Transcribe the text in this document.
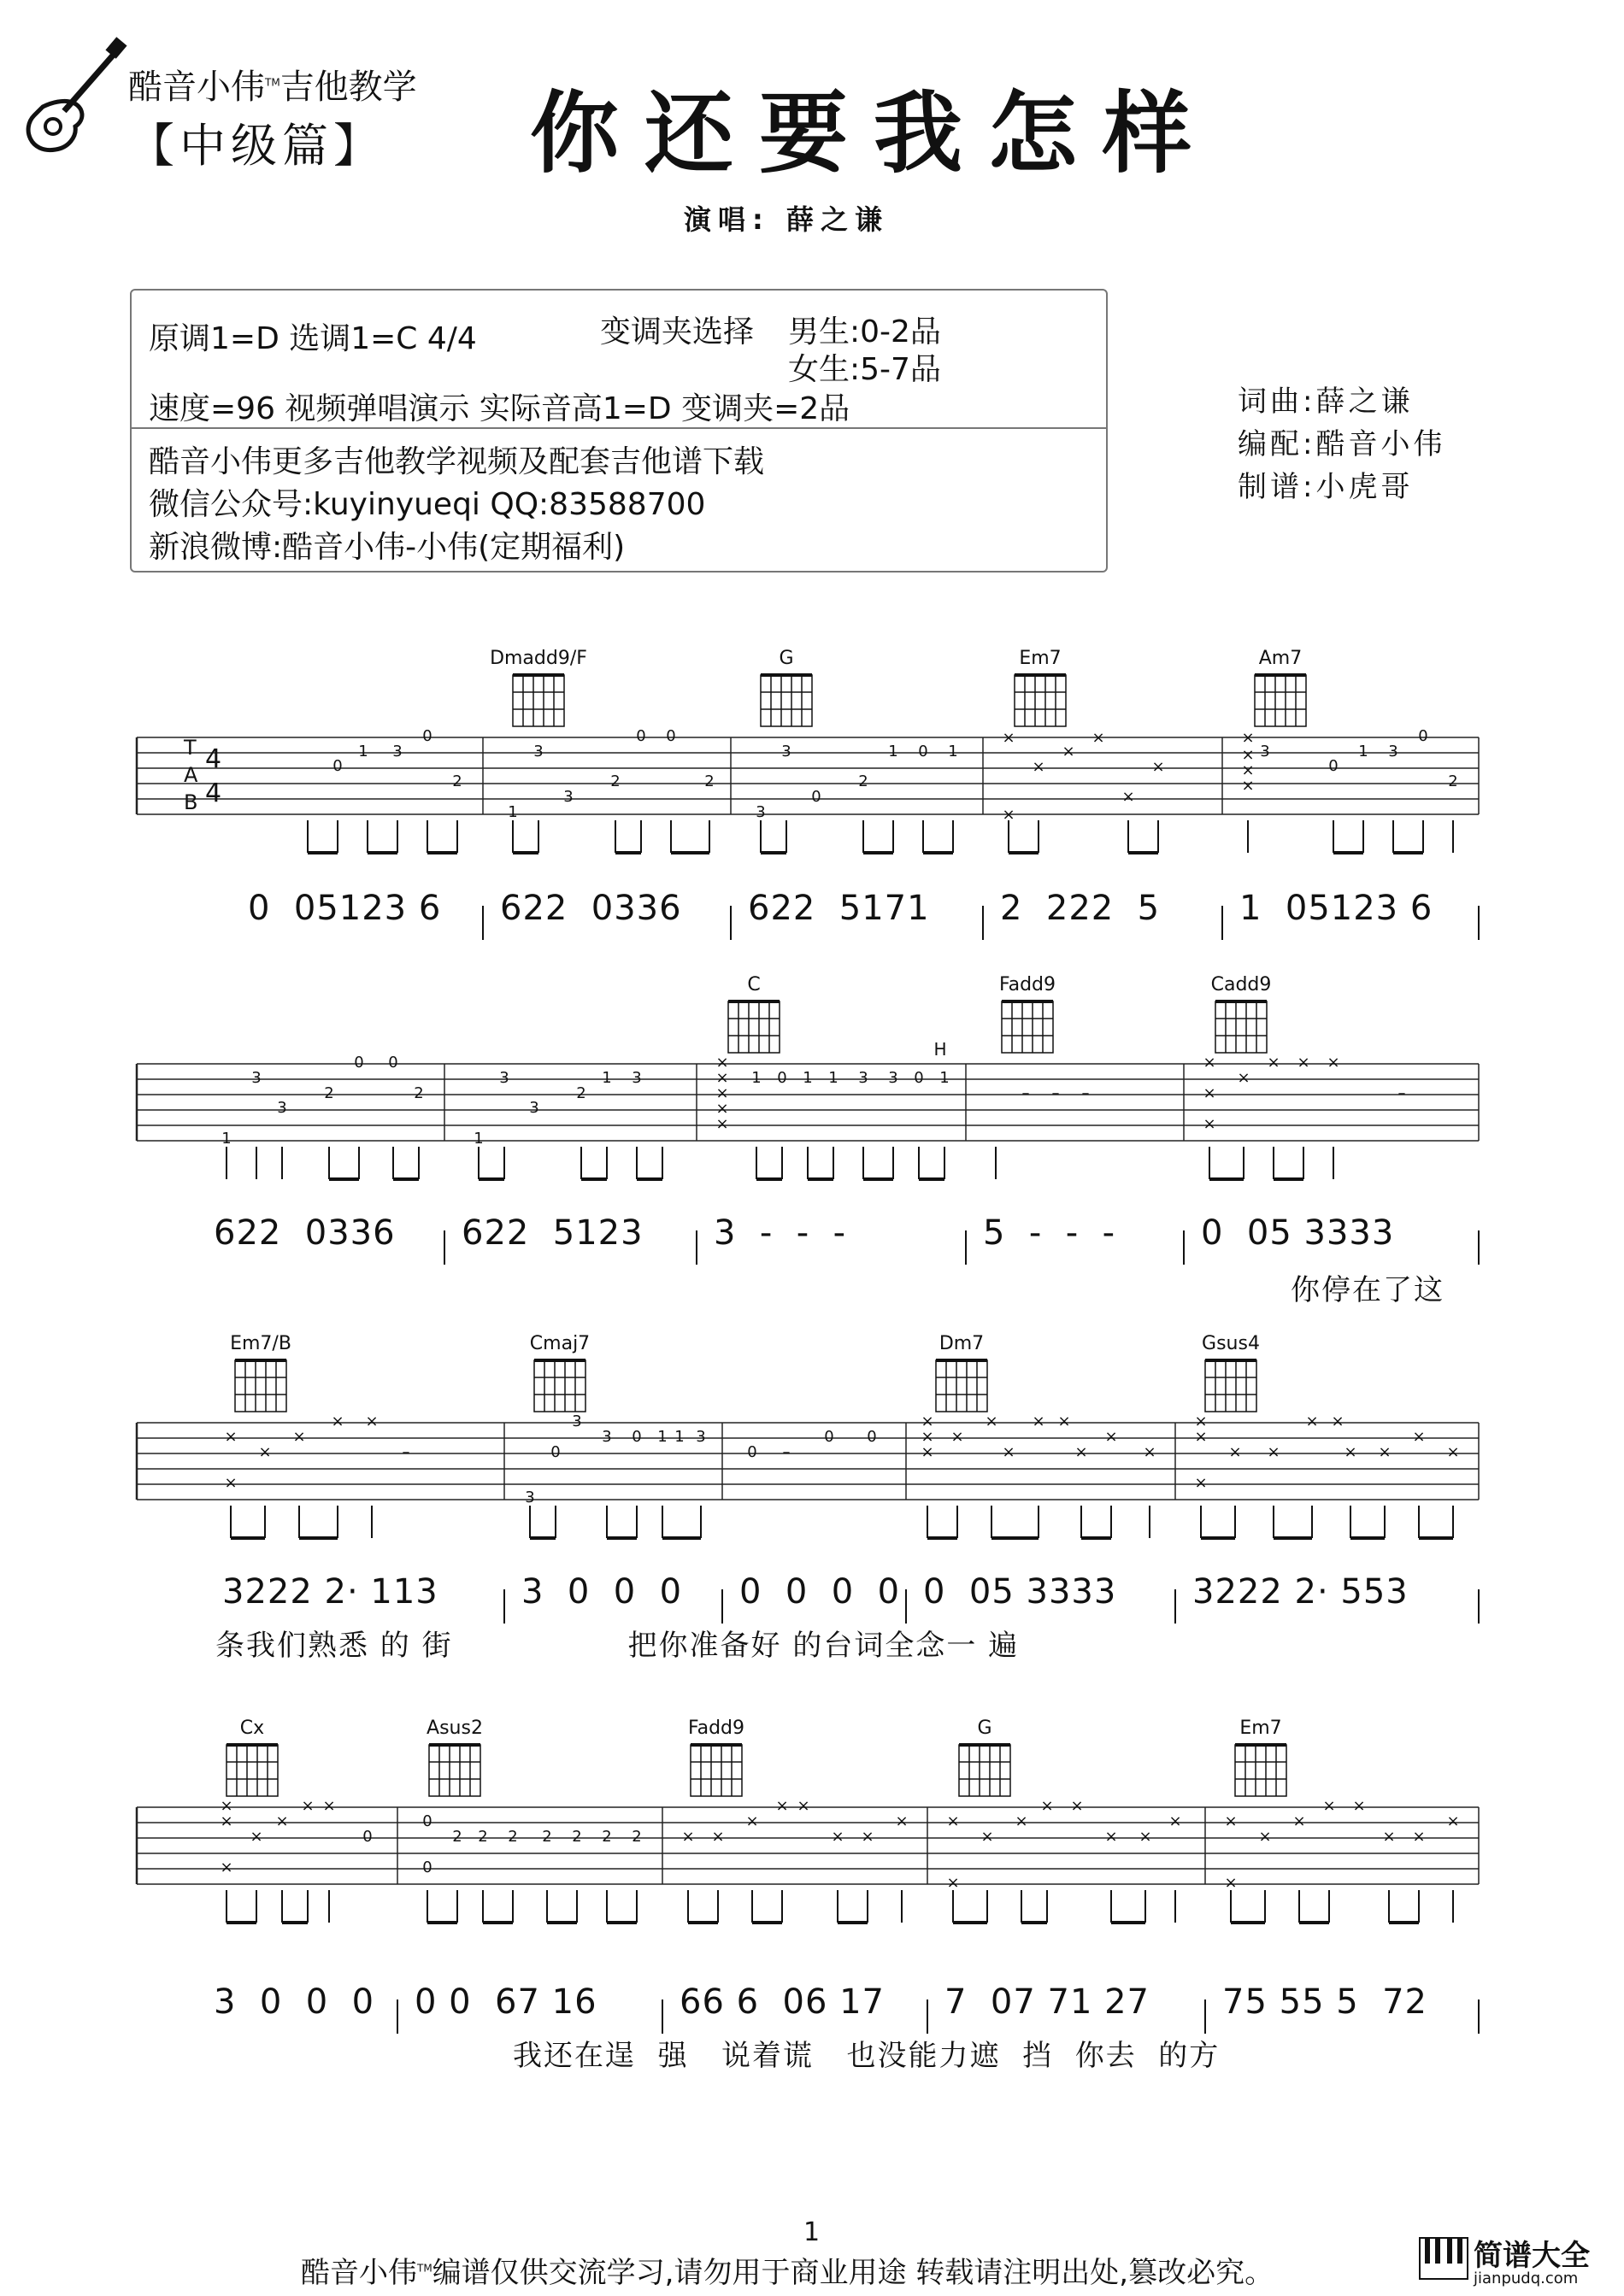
酷音小伟™吉他教学
【中级篇】 你还要我怎样
演唱: 薛之谦
原调1=D 选调1=C 4/4	变调夹选择 男生:0-2品
女生:5-7品
速度=96 视频弹唱演示 实际音高1=D 变调夹=2品
酷音小伟更多吉他教学视频及配套吉他谱下载
微信公众号:kuyinyueqi QQ:83588700
新浪微博:酷音小伟-小伟(定期福利)
词曲:薛之谦
编配:酷音小伟
制谱:小虎哥
Dmadd9/F	G	Em7	Am7
0
1 3
0
2
3
1
3
2
0 0
2
3
3
0
2
1 0 1	3
0
1 3
0
2
×
×
×
×
×
×
×
×
×
×
×
T
A
B
4
4
0  05123 6 622  0336 622  5171 2  222  5 1  05123 6
C	Fadd9	Cadd9
3
1
3
2
0 0
2
3
1
3
2
1 3	1 0 1 1 3 3 0 1
H
×
×
×
×
×
×
×
×
×
×
× ×
– – –	–
622  0336 622  5123 3  -  -  -	5  -  -  - 0  05 3333
你停在了这
Em7/B	Cmaj7	Dm7	Gsus4
×
×
×
× ×
×
–
3
0
3
3 0 1 1 3
0 –
0 0
×
×
×
×
×
×
× ×
×
×
×
×
×
× ×
× ×
×
× ×
×
×
3222 2· 113 3  0  0  0 0  0  0  0 0  05 3333 3222 2· 553
条我们熟悉 的 街                把你准备好 的台词全念一 遍
Cx	Asus2	Fadd9	G	Em7
×
×
×
×
× ×
×
0
0
2 2 2 2 2 2 2
0
× ×
×
× ×
× ×
× ×
×
×
× ×
×
× ×
×	×
×
×
× ×
×
× ×
×
3  0  0  0 0 0  67 16 66 6  06 17 7  07 71 27 75 55 5  72
我还在逞  强   说着谎   也没能力遮  挡  你去  的方
1
酷音小伟™编谱仅供交流学习,请勿用于商业用途 转载请注明出处,篡改必究。	简谱大全
jianpudq.com
